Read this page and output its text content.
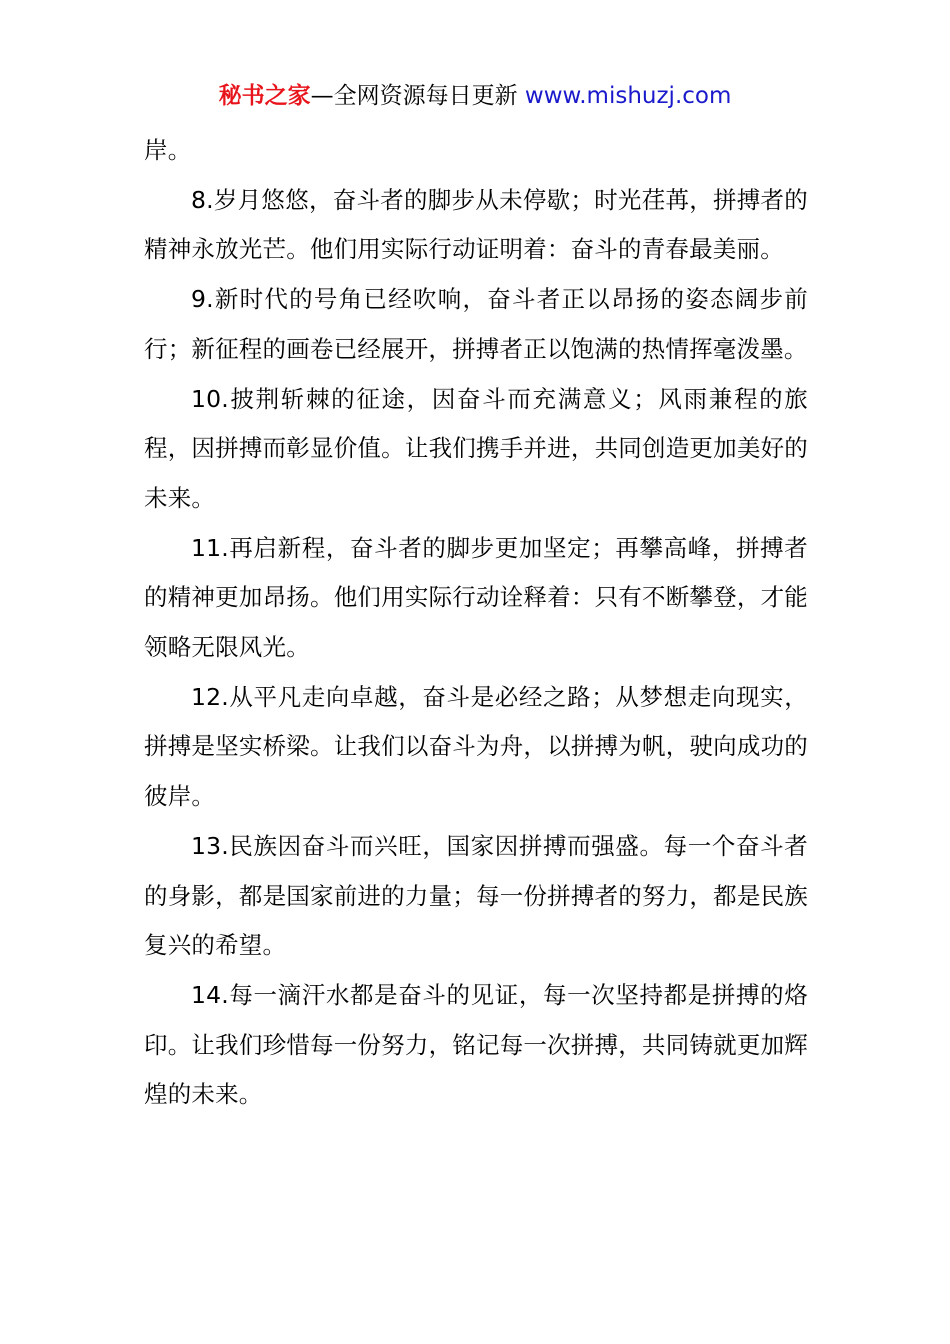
秘书之家—全网资源每日更新 www.mishuzj.com

岸。

8.岁月悠悠，奋斗者的脚步从未停歇；时光荏苒，拼搏者的精神永放光芒。他们用实际行动证明着：奋斗的青春最美丽。

9.新时代的号角已经吹响，奋斗者正以昂扬的姿态阔步前行；新征程的画卷已经展开，拼搏者正以饱满的热情挥毫泼墨。

10.披荆斩棘的征途，因奋斗而充满意义；风雨兼程的旅程，因拼搏而彰显价值。让我们携手并进，共同创造更加美好的未来。

11.再启新程，奋斗者的脚步更加坚定；再攀高峰，拼搏者的精神更加昂扬。他们用实际行动诠释着：只有不断攀登，才能领略无限风光。

12.从平凡走向卓越，奋斗是必经之路；从梦想走向现实，拼搏是坚实桥梁。让我们以奋斗为舟，以拼搏为帆，驶向成功的彼岸。

13.民族因奋斗而兴旺，国家因拼搏而强盛。每一个奋斗者的身影，都是国家前进的力量；每一份拼搏者的努力，都是民族复兴的希望。

14.每一滴汗水都是奋斗的见证，每一次坚持都是拼搏的烙印。让我们珍惜每一份努力，铭记每一次拼搏，共同铸就更加辉煌的未来。
